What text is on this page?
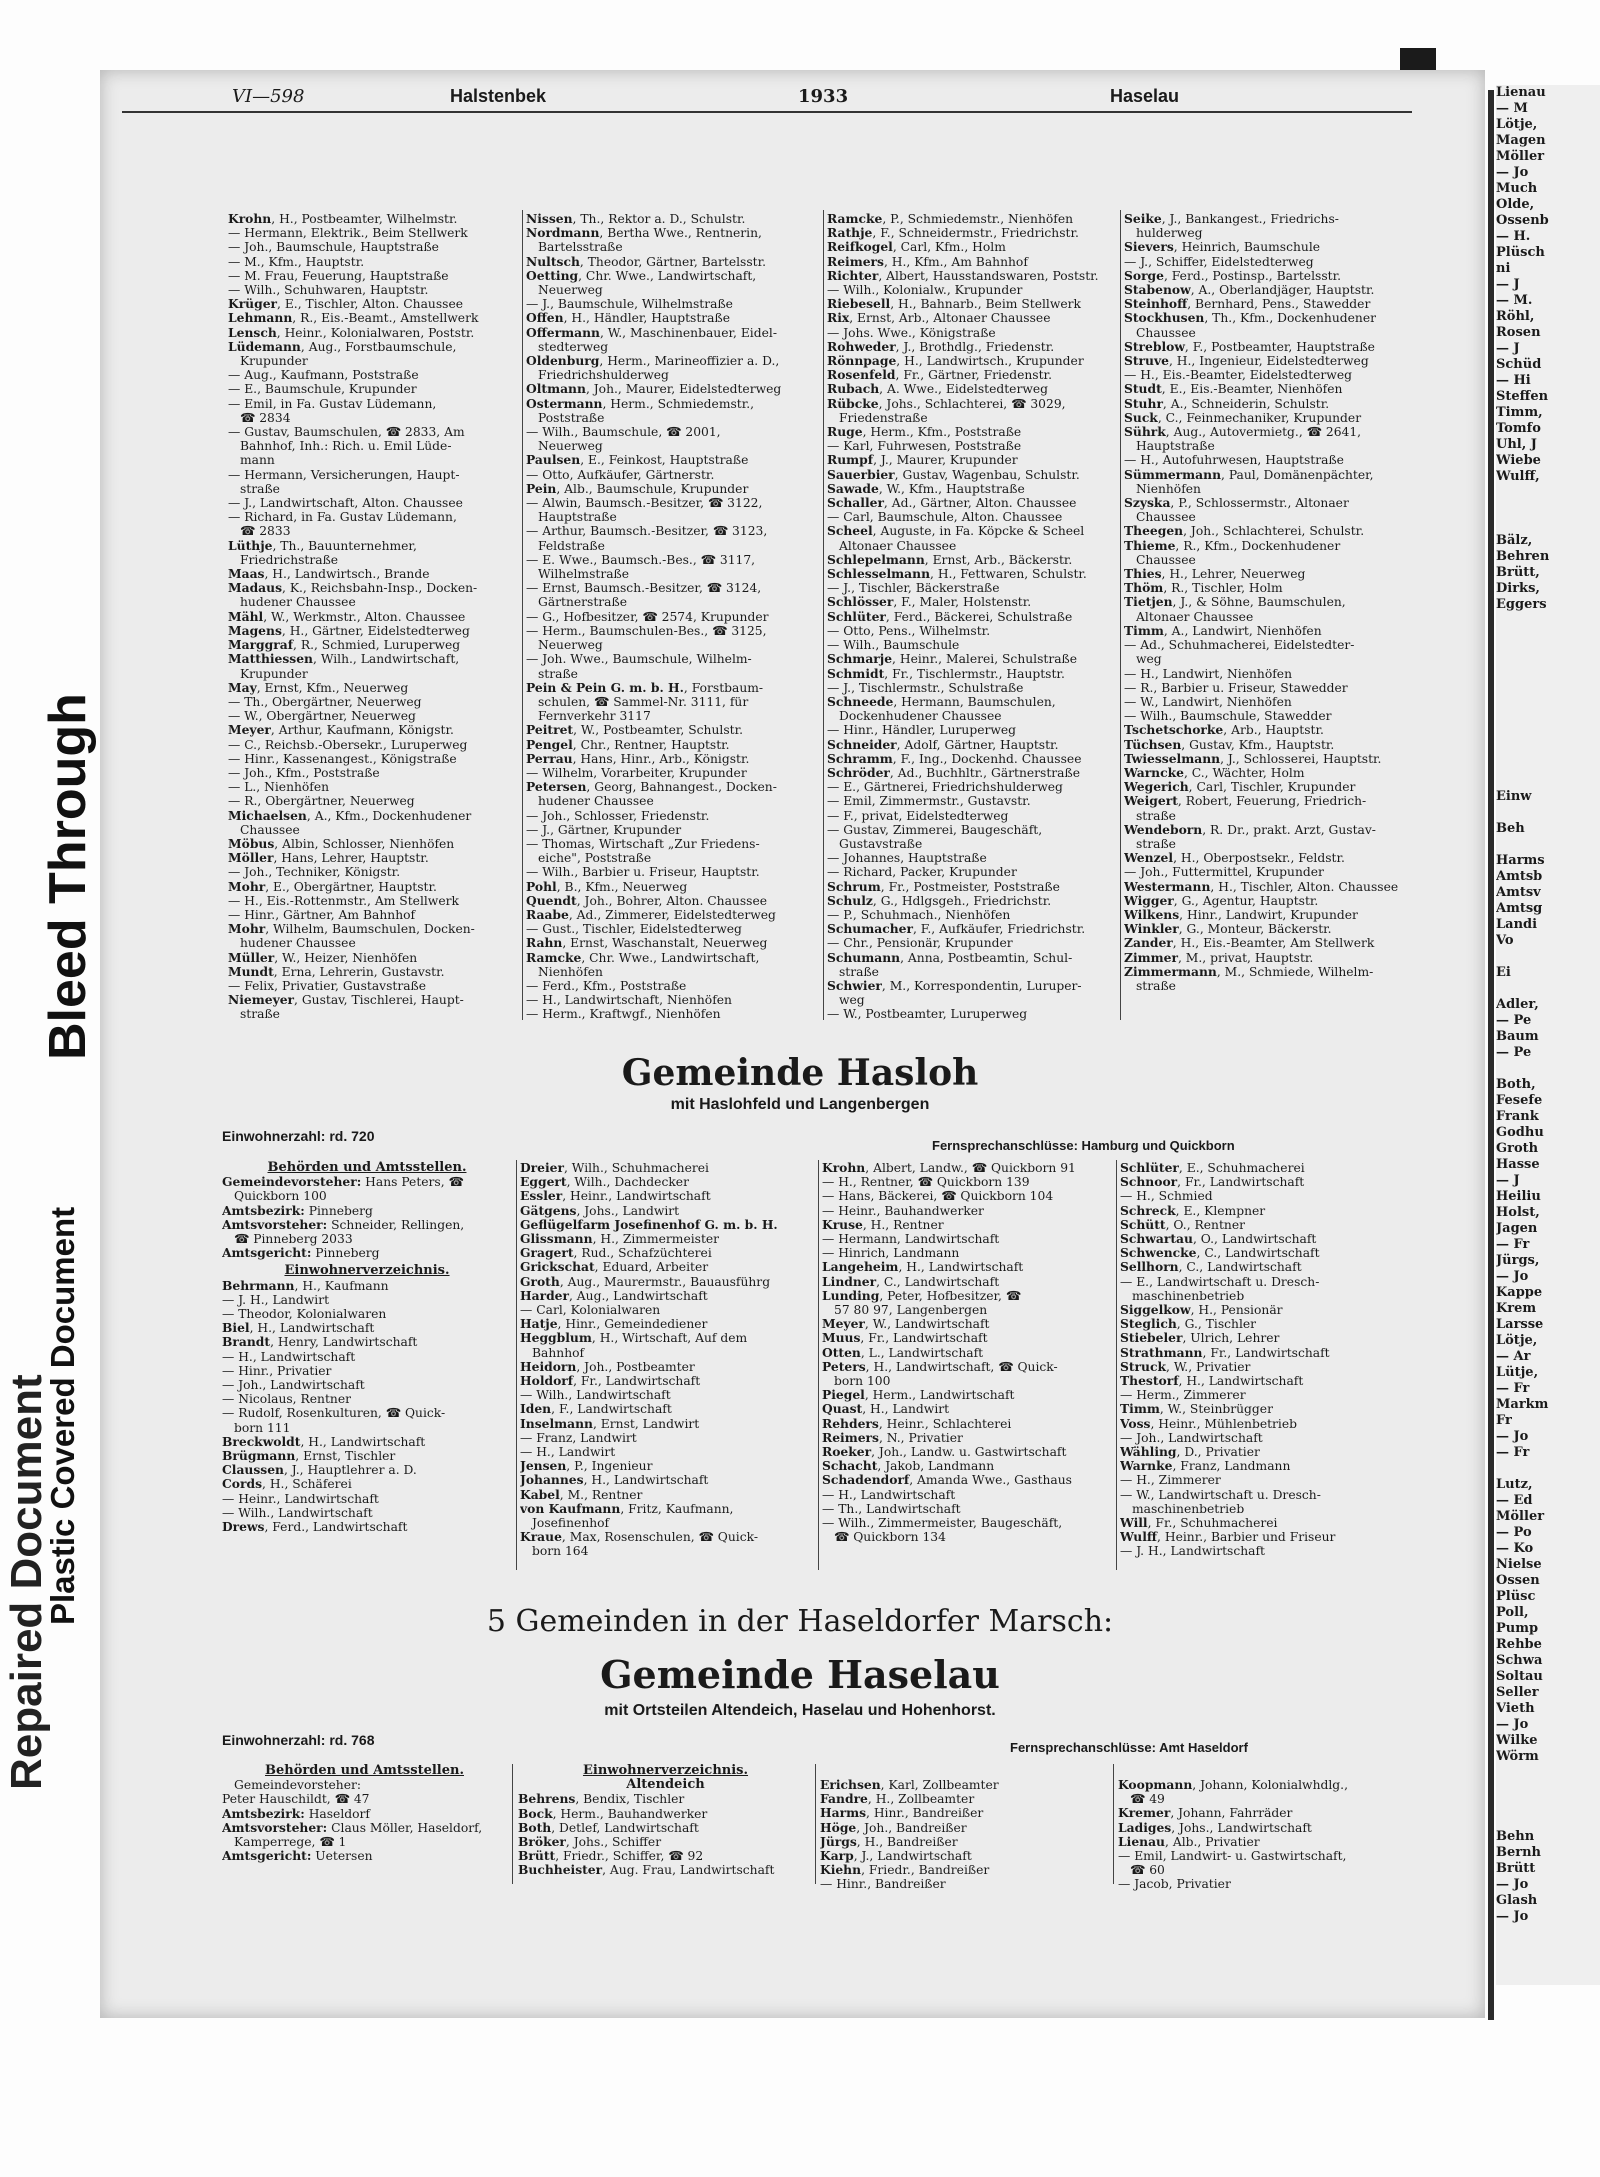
Repaired Document
Plastic Covered Document
Bleed Through
Lienau
— M
Lötje,
Magen
Möller
— Jo
Much
Olde,
Ossenb
— H.
Plüsch
ni
— J
— M.
Röhl,
Rosen
— J
Schüd
— Hi
Steffen
Timm,
Tomfo
Uhl, J
Wiebe
Wulff,

Bälz,
Behren
Brütt,
Dirks,
Eggers

Einw

Beh

Harms
Amtsb
Amtsv
Amtsg
Landi
Vo

Ei

Adler,
— Pe
Baum
— Pe

Both,
Fesefe
Frank
Godhu
Groth
Hasse
— J
Heiliu
Holst,
Jagen
— Fr
Jürgs,
— Jo
Kappe
Krem
Larsse
Lötje,
— Ar
Lütje,
— Fr
Markm
Fr
— Jo
— Fr

Lutz,
— Ed
Möller
— Po
— Ko
Nielse
Ossen
Plüsc
Poll,
Pump
Rehbe
Schwa
Soltau
Seller
Vieth
— Jo
Wilke
Wörm

Behn
Bernh
Brütt
— Jo
Glash
— Jo
VI—598	Halstenbek	1933	Haselau
Krohn, H., Postbeamter, Wilhelmstr.
— Hermann, Elektrik., Beim Stellwerk
— Joh., Baumschule, Hauptstraße
— M., Kfm., Hauptstr.
— M. Frau, Feuerung, Hauptstraße
— Wilh., Schuhwaren, Hauptstr.
Krüger, E., Tischler, Alton. Chaussee
Lehmann, R., Eis.-Beamt., Amstellwerk
Lensch, Heinr., Kolonialwaren, Poststr.
Lüdemann, Aug., Forstbaumschule,
Krupunder
— Aug., Kaufmann, Poststraße
— E., Baumschule, Krupunder
— Emil, in Fa. Gustav Lüdemann,
☎ 2834
— Gustav, Baumschulen, ☎ 2833, Am
Bahnhof, Inh.: Rich. u. Emil Lüde-
mann
— Hermann, Versicherungen, Haupt-
straße
— J., Landwirtschaft, Alton. Chaussee
— Richard, in Fa. Gustav Lüdemann,
☎ 2833
Lüthje, Th., Bauunternehmer,
Friedrichstraße
Maas, H., Landwirtsch., Brande
Madaus, K., Reichsbahn-Insp., Docken-
hudener Chaussee
Mähl, W., Werkmstr., Alton. Chaussee
Magens, H., Gärtner, Eidelstedterweg
Marggraf, R., Schmied, Luruperweg
Matthiessen, Wilh., Landwirtschaft,
Krupunder
May, Ernst, Kfm., Neuerweg
— Th., Obergärtner, Neuerweg
— W., Obergärtner, Neuerweg
Meyer, Arthur, Kaufmann, Königstr.
— C., Reichsb.-Obersekr., Luruperweg
— Hinr., Kassenangest., Königstraße
— Joh., Kfm., Poststraße
— L., Nienhöfen
— R., Obergärtner, Neuerweg
Michaelsen, A., Kfm., Dockenhudener
Chaussee
Möbus, Albin, Schlosser, Nienhöfen
Möller, Hans, Lehrer, Hauptstr.
— Joh., Techniker, Königstr.
Mohr, E., Obergärtner, Hauptstr.
— H., Eis.-Rottenmstr., Am Stellwerk
— Hinr., Gärtner, Am Bahnhof
Mohr, Wilhelm, Baumschulen, Docken-
hudener Chaussee
Müller, W., Heizer, Nienhöfen
Mundt, Erna, Lehrerin, Gustavstr.
— Felix, Privatier, Gustavstraße
Niemeyer, Gustav, Tischlerei, Haupt-
straße
Nissen, Th., Rektor a. D., Schulstr.
Nordmann, Bertha Wwe., Rentnerin,
Bartelsstraße
Nultsch, Theodor, Gärtner, Bartelsstr.
Oetting, Chr. Wwe., Landwirtschaft,
Neuerweg
— J., Baumschule, Wilhelmstraße
Offen, H., Händler, Hauptstraße
Offermann, W., Maschinenbauer, Eidel-
stedterweg
Oldenburg, Herm., Marineoffizier a. D.,
Friedrichshulderweg
Oltmann, Joh., Maurer, Eidelstedterweg
Ostermann, Herm., Schmiedemstr.,
Poststraße
— Wilh., Baumschule, ☎ 2001,
Neuerweg
Paulsen, E., Feinkost, Hauptstraße
— Otto, Aufkäufer, Gärtnerstr.
Pein, Alb., Baumschule, Krupunder
— Alwin, Baumsch.-Besitzer, ☎ 3122,
Hauptstraße
— Arthur, Baumsch.-Besitzer, ☎ 3123,
Feldstraße
— E. Wwe., Baumsch.-Bes., ☎ 3117,
Wilhelmstraße
— Ernst, Baumsch.-Besitzer, ☎ 3124,
Gärtnerstraße
— G., Hofbesitzer, ☎ 2574, Krupunder
— Herm., Baumschulen-Bes., ☎ 3125,
Neuerweg
— Joh. Wwe., Baumschule, Wilhelm-
straße
Pein & Pein G. m. b. H., Forstbaum-
schulen, ☎ Sammel-Nr. 3111, für
Fernverkehr 3117
Peitret, W., Postbeamter, Schulstr.
Pengel, Chr., Rentner, Hauptstr.
Perrau, Hans, Hinr., Arb., Königstr.
— Wilhelm, Vorarbeiter, Krupunder
Petersen, Georg, Bahnangest., Docken-
hudener Chaussee
— Joh., Schlosser, Friedenstr.
— J., Gärtner, Krupunder
— Thomas, Wirtschaft „Zur Friedens-
eiche", Poststraße
— Wilh., Barbier u. Friseur, Hauptstr.
Pohl, B., Kfm., Neuerweg
Quendt, Joh., Bohrer, Alton. Chaussee
Raabe, Ad., Zimmerer, Eidelstedterweg
— Gust., Tischler, Eidelstedterweg
Rahn, Ernst, Waschanstalt, Neuerweg
Ramcke, Chr. Wwe., Landwirtschaft,
Nienhöfen
— Ferd., Kfm., Poststraße
— H., Landwirtschaft, Nienhöfen
— Herm., Kraftwgf., Nienhöfen
Ramcke, P., Schmiedemstr., Nienhöfen
Rathje, F., Schneidermstr., Friedrichstr.
Reifkogel, Carl, Kfm., Holm
Reimers, H., Kfm., Am Bahnhof
Richter, Albert, Hausstandswaren, Poststr.
— Wilh., Kolonialw., Krupunder
Riebesell, H., Bahnarb., Beim Stellwerk
Rix, Ernst, Arb., Altonaer Chaussee
— Johs. Wwe., Königstraße
Rohweder, J., Brothdlg., Friedenstr.
Rönnpage, H., Landwirtsch., Krupunder
Rosenfeld, Fr., Gärtner, Friedenstr.
Rubach, A. Wwe., Eidelstedterweg
Rübcke, Johs., Schlachterei, ☎ 3029,
Friedenstraße
Ruge, Herm., Kfm., Poststraße
— Karl, Fuhrwesen, Poststraße
Rumpf, J., Maurer, Krupunder
Sauerbier, Gustav, Wagenbau, Schulstr.
Sawade, W., Kfm., Hauptstraße
Schaller, Ad., Gärtner, Alton. Chaussee
— Carl, Baumschule, Alton. Chaussee
Scheel, Auguste, in Fa. Köpcke & Scheel
Altonaer Chaussee
Schlepelmann, Ernst, Arb., Bäckerstr.
Schlesselmann, H., Fettwaren, Schulstr.
— J., Tischler, Bäckerstraße
Schlösser, F., Maler, Holstenstr.
Schlüter, Ferd., Bäckerei, Schulstraße
— Otto, Pens., Wilhelmstr.
— Wilh., Baumschule
Schmarje, Heinr., Malerei, Schulstraße
Schmidt, Fr., Tischlermstr., Hauptstr.
— J., Tischlermstr., Schulstraße
Schneede, Hermann, Baumschulen,
Dockenhudener Chaussee
— Hinr., Händler, Luruperweg
Schneider, Adolf, Gärtner, Hauptstr.
Schramm, F., Ing., Dockenhd. Chaussee
Schröder, Ad., Buchhltr., Gärtnerstraße
— E., Gärtnerei, Friedrichshulderweg
— Emil, Zimmermstr., Gustavstr.
— F., privat, Eidelstedterweg
— Gustav, Zimmerei, Baugeschäft,
Gustavstraße
— Johannes, Hauptstraße
— Richard, Packer, Krupunder
Schrum, Fr., Postmeister, Poststraße
Schulz, G., Hdlgsgeh., Friedrichstr.
— P., Schuhmach., Nienhöfen
Schumacher, F., Aufkäufer, Friedrichstr.
— Chr., Pensionär, Krupunder
Schumann, Anna, Postbeamtin, Schul-
straße
Schwier, M., Korrespondentin, Luruper-
weg
— W., Postbeamter, Luruperweg
Seike, J., Bankangest., Friedrichs-
hulderweg
Sievers, Heinrich, Baumschule
— J., Schiffer, Eidelstedterweg
Sorge, Ferd., Postinsp., Bartelsstr.
Stabenow, A., Oberlandjäger, Hauptstr.
Steinhoff, Bernhard, Pens., Stawedder
Stockhusen, Th., Kfm., Dockenhudener
Chaussee
Streblow, F., Postbeamter, Hauptstraße
Struve, H., Ingenieur, Eidelstedterweg
— H., Eis.-Beamter, Eidelstedterweg
Studt, E., Eis.-Beamter, Nienhöfen
Stuhr, A., Schneiderin, Schulstr.
Suck, C., Feinmechaniker, Krupunder
Sührk, Aug., Autovermietg., ☎ 2641,
Hauptstraße
— H., Autofuhrwesen, Hauptstraße
Sümmermann, Paul, Domänenpächter,
Nienhöfen
Szyska, P., Schlossermstr., Altonaer
Chaussee
Theegen, Joh., Schlachterei, Schulstr.
Thieme, R., Kfm., Dockenhudener
Chaussee
Thies, H., Lehrer, Neuerweg
Thöm, R., Tischler, Holm
Tietjen, J., & Söhne, Baumschulen,
Altonaer Chaussee
Timm, A., Landwirt, Nienhöfen
— Ad., Schuhmacherei, Eidelstedter-
weg
— H., Landwirt, Nienhöfen
— R., Barbier u. Friseur, Stawedder
— W., Landwirt, Nienhöfen
— Wilh., Baumschule, Stawedder
Tschetschorke, Arb., Hauptstr.
Tüchsen, Gustav, Kfm., Hauptstr.
Twiesselmann, J., Schlosserei, Hauptstr.
Warncke, C., Wächter, Holm
Wegerich, Carl, Tischler, Krupunder
Weigert, Robert, Feuerung, Friedrich-
straße
Wendeborn, R. Dr., prakt. Arzt, Gustav-
straße
Wenzel, H., Oberpostsekr., Feldstr.
— Joh., Futtermittel, Krupunder
Westermann, H., Tischler, Alton. Chaussee
Wigger, G., Agentur, Hauptstr.
Wilkens, Hinr., Landwirt, Krupunder
Winkler, G., Monteur, Bäckerstr.
Zander, H., Eis.-Beamter, Am Stellwerk
Zimmer, M., privat, Hauptstr.
Zimmermann, M., Schmiede, Wilhelm-
straße
Gemeinde Hasloh
mit Haslohfeld und Langenbergen
Einwohnerzahl: rd. 720
Fernsprechanschlüsse: Hamburg und Quickborn
Behörden und Amtsstellen.
Gemeindevorsteher: Hans Peters, ☎
Quickborn 100
Amtsbezirk: Pinneberg
Amtsvorsteher: Schneider, Rellingen,
☎ Pinneberg 2033
Amtsgericht: Pinneberg
Einwohnerverzeichnis.
Behrmann, H., Kaufmann
— J. H., Landwirt
— Theodor, Kolonialwaren
Biel, H., Landwirtschaft
Brandt, Henry, Landwirtschaft
— H., Landwirtschaft
— Hinr., Privatier
— Joh., Landwirtschaft
— Nicolaus, Rentner
— Rudolf, Rosenkulturen, ☎ Quick-
born 111
Breckwoldt, H., Landwirtschaft
Brügmann, Ernst, Tischler
Claussen, J., Hauptlehrer a. D.
Cords, H., Schäferei
— Heinr., Landwirtschaft
— Wilh., Landwirtschaft
Drews, Ferd., Landwirtschaft
Dreier, Wilh., Schuhmacherei
Eggert, Wilh., Dachdecker
Essler, Heinr., Landwirtschaft
Gätgens, Johs., Landwirt
Geflügelfarm Josefinenhof G. m. b. H.
Glissmann, H., Zimmermeister
Gragert, Rud., Schafzüchterei
Grickschat, Eduard, Arbeiter
Groth, Aug., Maurermstr., Bauausführg
Harder, Aug., Landwirtschaft
— Carl, Kolonialwaren
Hatje, Hinr., Gemeindediener
Heggblum, H., Wirtschaft, Auf dem
Bahnhof
Heidorn, Joh., Postbeamter
Holdorf, Fr., Landwirtschaft
— Wilh., Landwirtschaft
Iden, F., Landwirtschaft
Inselmann, Ernst, Landwirt
— Franz, Landwirt
— H., Landwirt
Jensen, P., Ingenieur
Johannes, H., Landwirtschaft
Kabel, M., Rentner
von Kaufmann, Fritz, Kaufmann,
Josefinenhof
Kraue, Max, Rosenschulen, ☎ Quick-
born 164
Krohn, Albert, Landw., ☎ Quickborn 91
— H., Rentner, ☎ Quickborn 139
— Hans, Bäckerei, ☎ Quickborn 104
— Heinr., Bauhandwerker
Kruse, H., Rentner
— Hermann, Landwirtschaft
— Hinrich, Landmann
Langeheim, H., Landwirtschaft
Lindner, C., Landwirtschaft
Lunding, Peter, Hofbesitzer, ☎
57 80 97, Langenbergen
Meyer, W., Landwirtschaft
Muus, Fr., Landwirtschaft
Otten, L., Landwirtschaft
Peters, H., Landwirtschaft, ☎ Quick-
born 100
Piegel, Herm., Landwirtschaft
Quast, H., Landwirt
Rehders, Heinr., Schlachterei
Reimers, N., Privatier
Roeker, Joh., Landw. u. Gastwirtschaft
Schacht, Jakob, Landmann
Schadendorf, Amanda Wwe., Gasthaus
— H., Landwirtschaft
— Th., Landwirtschaft
— Wilh., Zimmermeister, Baugeschäft,
☎ Quickborn 134
Schlüter, E., Schuhmacherei
Schnoor, Fr., Landwirtschaft
— H., Schmied
Schreck, E., Klempner
Schütt, O., Rentner
Schwartau, O., Landwirtschaft
Schwencke, C., Landwirtschaft
Sellhorn, C., Landwirtschaft
— E., Landwirtschaft u. Dresch-
maschinenbetrieb
Siggelkow, H., Pensionär
Steglich, G., Tischler
Stiebeler, Ulrich, Lehrer
Strathmann, Fr., Landwirtschaft
Struck, W., Privatier
Thestorf, H., Landwirtschaft
— Herm., Zimmerer
Timm, W., Steinbrügger
Voss, Heinr., Mühlenbetrieb
— Joh., Landwirtschaft
Wähling, D., Privatier
Warnke, Franz, Landmann
— H., Zimmerer
— W., Landwirtschaft u. Dresch-
maschinenbetrieb
Will, Fr., Schuhmacherei
Wulff, Heinr., Barbier und Friseur
— J. H., Landwirtschaft
5 Gemeinden in der Haseldorfer Marsch:
Gemeinde Haselau
mit Ortsteilen Altendeich, Haselau und Hohenhorst.
Einwohnerzahl: rd. 768	Fernsprechanschlüsse: Amt Haseldorf
Behörden und Amtsstellen.
Gemeindevorsteher:
Peter Hauschildt, ☎ 47
Amtsbezirk: Haseldorf
Amtsvorsteher: Claus Möller, Haseldorf,
Kamperrege, ☎ 1
Amtsgericht: Uetersen
Einwohnerverzeichnis.
Altendeich
Behrens, Bendix, Tischler
Bock, Herm., Bauhandwerker
Both, Detlef, Landwirtschaft
Bröker, Johs., Schiffer
Brütt, Friedr., Schiffer, ☎ 92
Buchheister, Aug. Frau, Landwirtschaft
Erichsen, Karl, Zollbeamter
Fandre, H., Zollbeamter
Harms, Hinr., Bandreißer
Höge, Joh., Bandreißer
Jürgs, H., Bandreißer
Karp, J., Landwirtschaft
Kiehn, Friedr., Bandreißer
— Hinr., Bandreißer
Koopmann, Johann, Kolonialwhdlg.,
☎ 49
Kremer, Johann, Fahrräder
Ladiges, Johs., Landwirtschaft
Lienau, Alb., Privatier
— Emil, Landwirt- u. Gastwirtschaft,
☎ 60
— Jacob, Privatier
